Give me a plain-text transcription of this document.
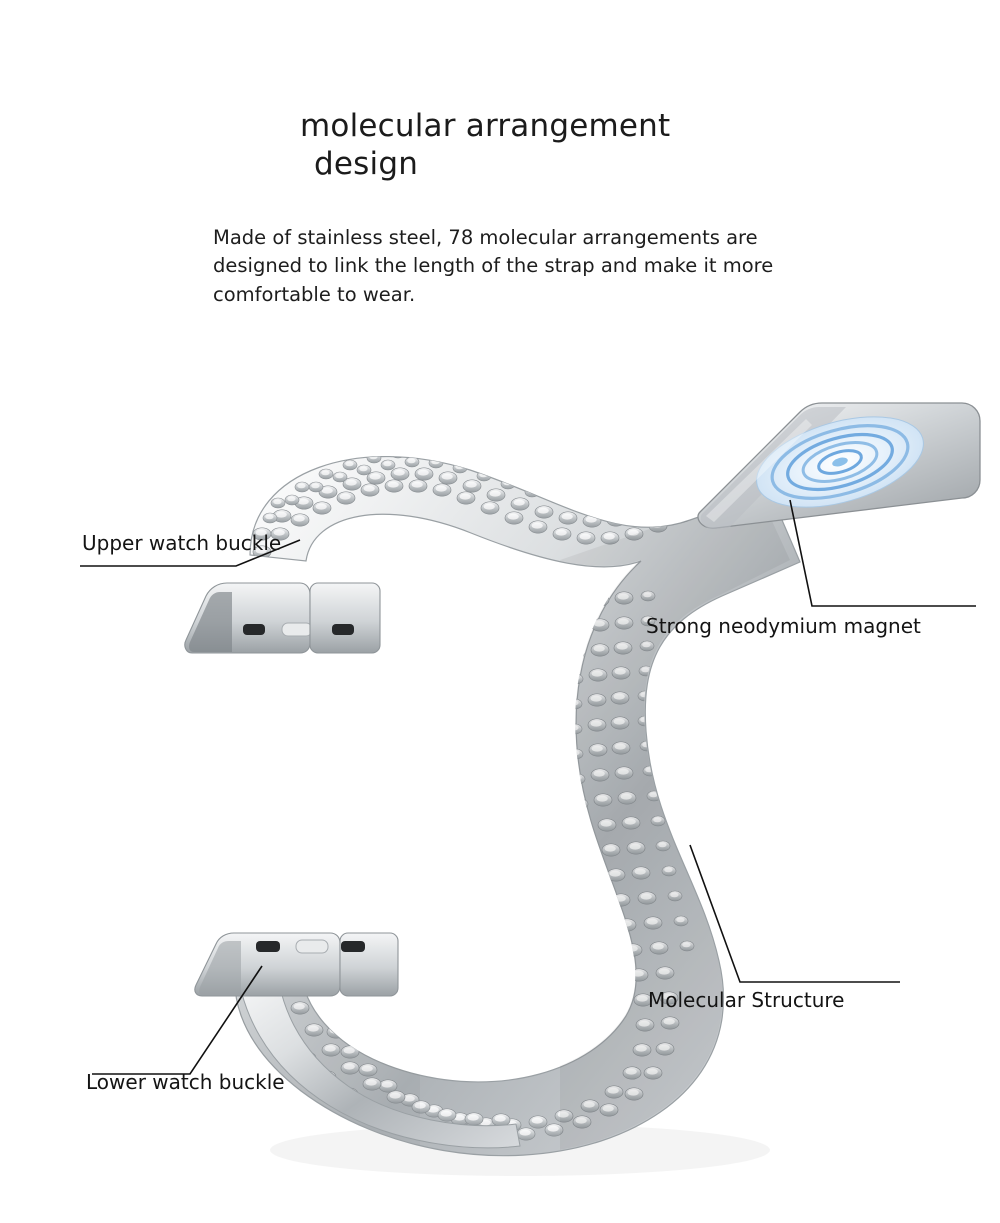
molecular arrangement
design
Made of stainless steel, 78 molecular arrangements are designed to link the length of the strap and make it more comfortable to wear.
Upper watch buckle
Lower watch buckle
Strong neodymium magnet
Molecular Structure
